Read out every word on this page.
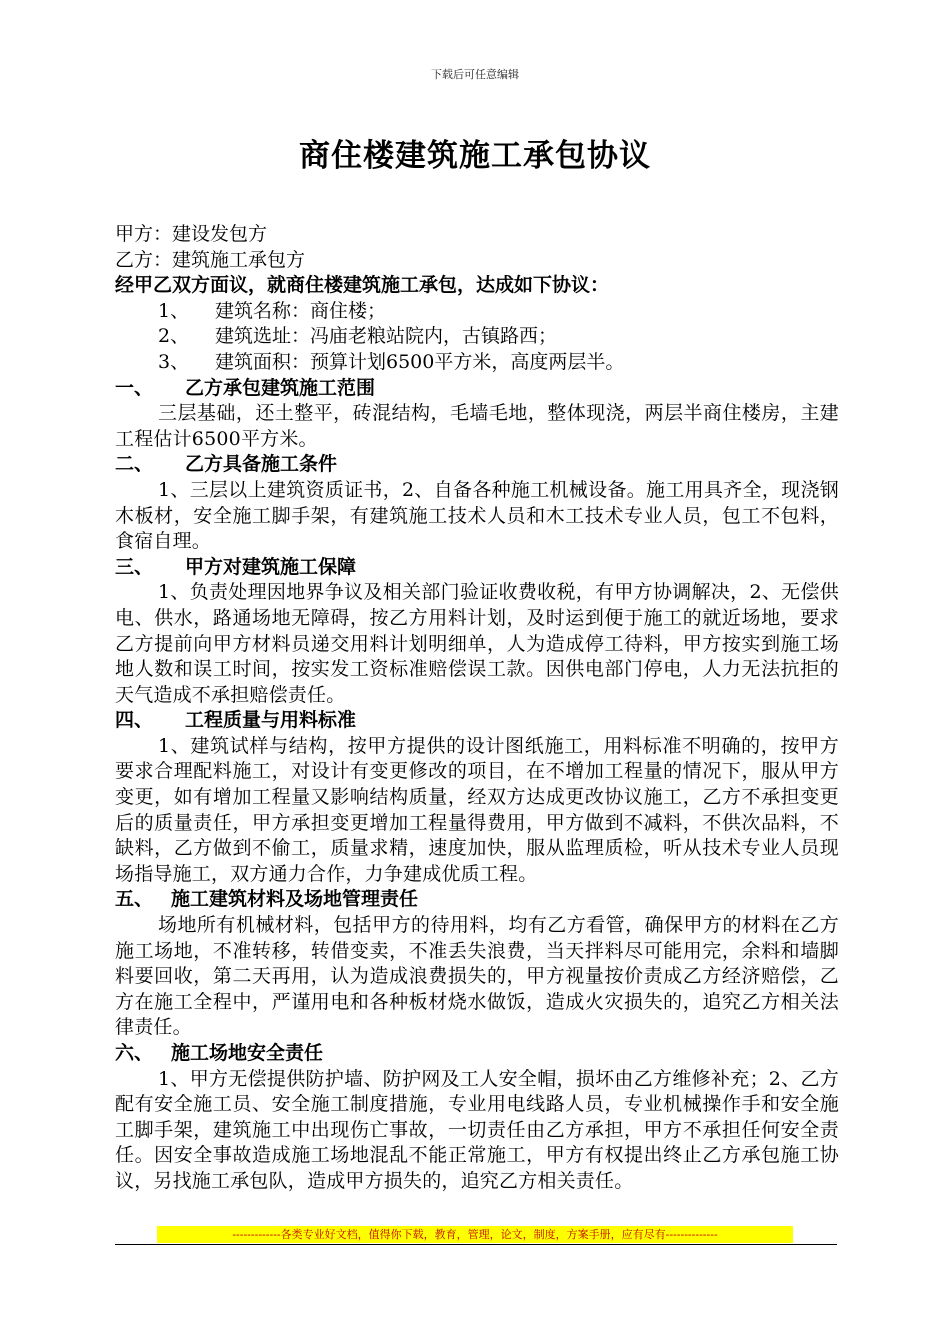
下载后可任意编辑
商住楼建筑施工承包协议
甲方：建设发包方
乙方：建筑施工承包方
经甲乙双方面议，就商住楼建筑施工承包，达成如下协议：
1、 建筑名称：商住楼；
2、 建筑选址：冯庙老粮站院内，古镇路西；
3、 建筑面积：预算计划6500平方米，高度两层半。
一、 乙方承包建筑施工范围
三层基础，还土整平，砖混结构，毛墙毛地，整体现浇，两层半商住楼房，主建工程估计6500平方米。
二、 乙方具备施工条件
1、三层以上建筑资质证书，2、自备各种施工机械设备。施工用具齐全，现浇钢木板材，安全施工脚手架，有建筑施工技术人员和木工技术专业人员，包工不包料，食宿自理。
三、 甲方对建筑施工保障
1、负责处理因地界争议及相关部门验证收费收税，有甲方协调解决，2、无偿供电、供水，路通场地无障碍，按乙方用料计划，及时运到便于施工的就近场地，要求乙方提前向甲方材料员递交用料计划明细单，人为造成停工待料，甲方按实到施工场地人数和误工时间，按实发工资标准赔偿误工款。因供电部门停电，人力无法抗拒的天气造成不承担赔偿责任。
四、 工程质量与用料标准
1、建筑试样与结构，按甲方提供的设计图纸施工，用料标准不明确的，按甲方要求合理配料施工，对设计有变更修改的项目，在不增加工程量的情况下，服从甲方变更，如有增加工程量又影响结构质量，经双方达成更改协议施工，乙方不承担变更后的质量责任，甲方承担变更增加工程量得费用，甲方做到不减料，不供次品料，不缺料，乙方做到不偷工，质量求精，速度加快，服从监理质检，听从技术专业人员现场指导施工，双方通力合作，力争建成优质工程。
五、 施工建筑材料及场地管理责任
场地所有机械材料，包括甲方的待用料，均有乙方看管，确保甲方的材料在乙方施工场地，不准转移，转借变卖，不准丢失浪费，当天拌料尽可能用完，余料和墙脚料要回收，第二天再用，认为造成浪费损失的，甲方视量按价责成乙方经济赔偿，乙方在施工全程中，严谨用电和各种板材烧水做饭，造成火灾损失的，追究乙方相关法律责任。
六、 施工场地安全责任
1、甲方无偿提供防护墙、防护网及工人安全帽，损坏由乙方维修补充；2、乙方配有安全施工员、安全施工制度措施，专业用电线路人员，专业机械操作手和安全施工脚手架，建筑施工中出现伤亡事故，一切责任由乙方承担，甲方不承担任何安全责任。因安全事故造成施工场地混乱不能正常施工，甲方有权提出终止乙方承包施工协议，另找施工承包队，造成甲方损失的，追究乙方相关责任。
-------------各类专业好文档，值得你下载，教育，管理，论文，制度，方案手册，应有尽有--------------
